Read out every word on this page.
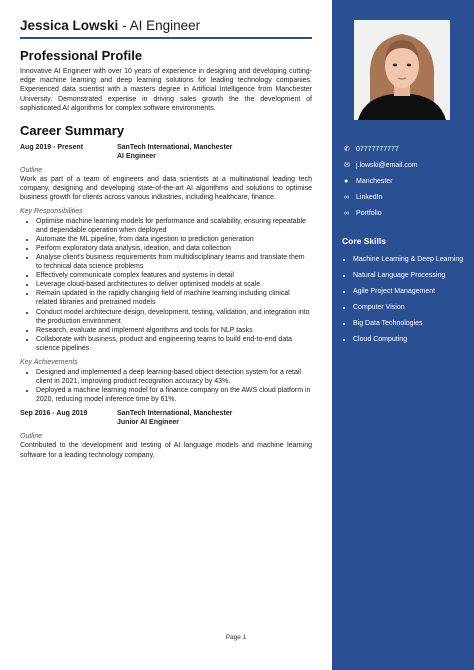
Jessica Lowski - AI Engineer
Professional Profile

Innovative AI Engineer with over 10 years of experience in designing and developing cutting-edge machine learning and deep learning solutions for leading technology companies. Experienced data scientist with a masters degree in Artificial Intelligence from Manchester University. Demonstrated expertise in driving sales growth the the development of sophisticated AI algorithms for complex software environments.

Career Summary
Aug 2019 - Present	SanTech International, Manchester
AI Engineer
Outline

Work as part of a team of engineers and data scientists at a multinational leading tech company, designing and developing state-of-the-art AI algorithms and solutions to optimise business growth for clients across various industries, including healthcare, finance.

Key Responsibilities
• Optimise machine learning models for performance and scalability, ensuring repeatable and dependable operation when deployed
• Automate the ML pipeline, from data ingestion to prediction generation
• Perform exploratory data analysis, ideation, and data collection
• Analyse client's business requirements from multidisciplinary teams and translate them to technical data science problems
• Effectively communicate complex features and systems in detail
• Leverage cloud-based architectures to deliver optimised models at scale
• Remain updated in the rapidly changing field of machine learning including clinical related libraries and pretrained models
• Conduct model architecture design, development, testing, validation, and integration into the production environment
• Research, evaluate and implement algorithms and tools for NLP tasks
• Collaborate with business, product and engineering teams to build end-to-end data science pipelines
Key Achievements
• Designed and implemented a deep learning-based object detection system for a retail client in 2021, improving product recognition accuracy by 43%.
• Deployed a machine learning model for a finance company on the AWS cloud platform in 2020, reducing model inference time by 61%.
Sep 2016 - Aug 2019	SanTech International, Manchester
Junior AI Engineer
Outline

Contributed to the development and testing of AI language models and machine learning software for a leading technology company.

Page 1
✆ 07777777777
✉ j.lowski@email.com
●	Manchester
∞	LinkedIn
∞	Portfolio
Core Skills
• Machine Learning & Deep Learning
• Natural Language Processing
• Agile Project Management
• Computer Vision
• Big Data Technologies
• Cloud Computing
